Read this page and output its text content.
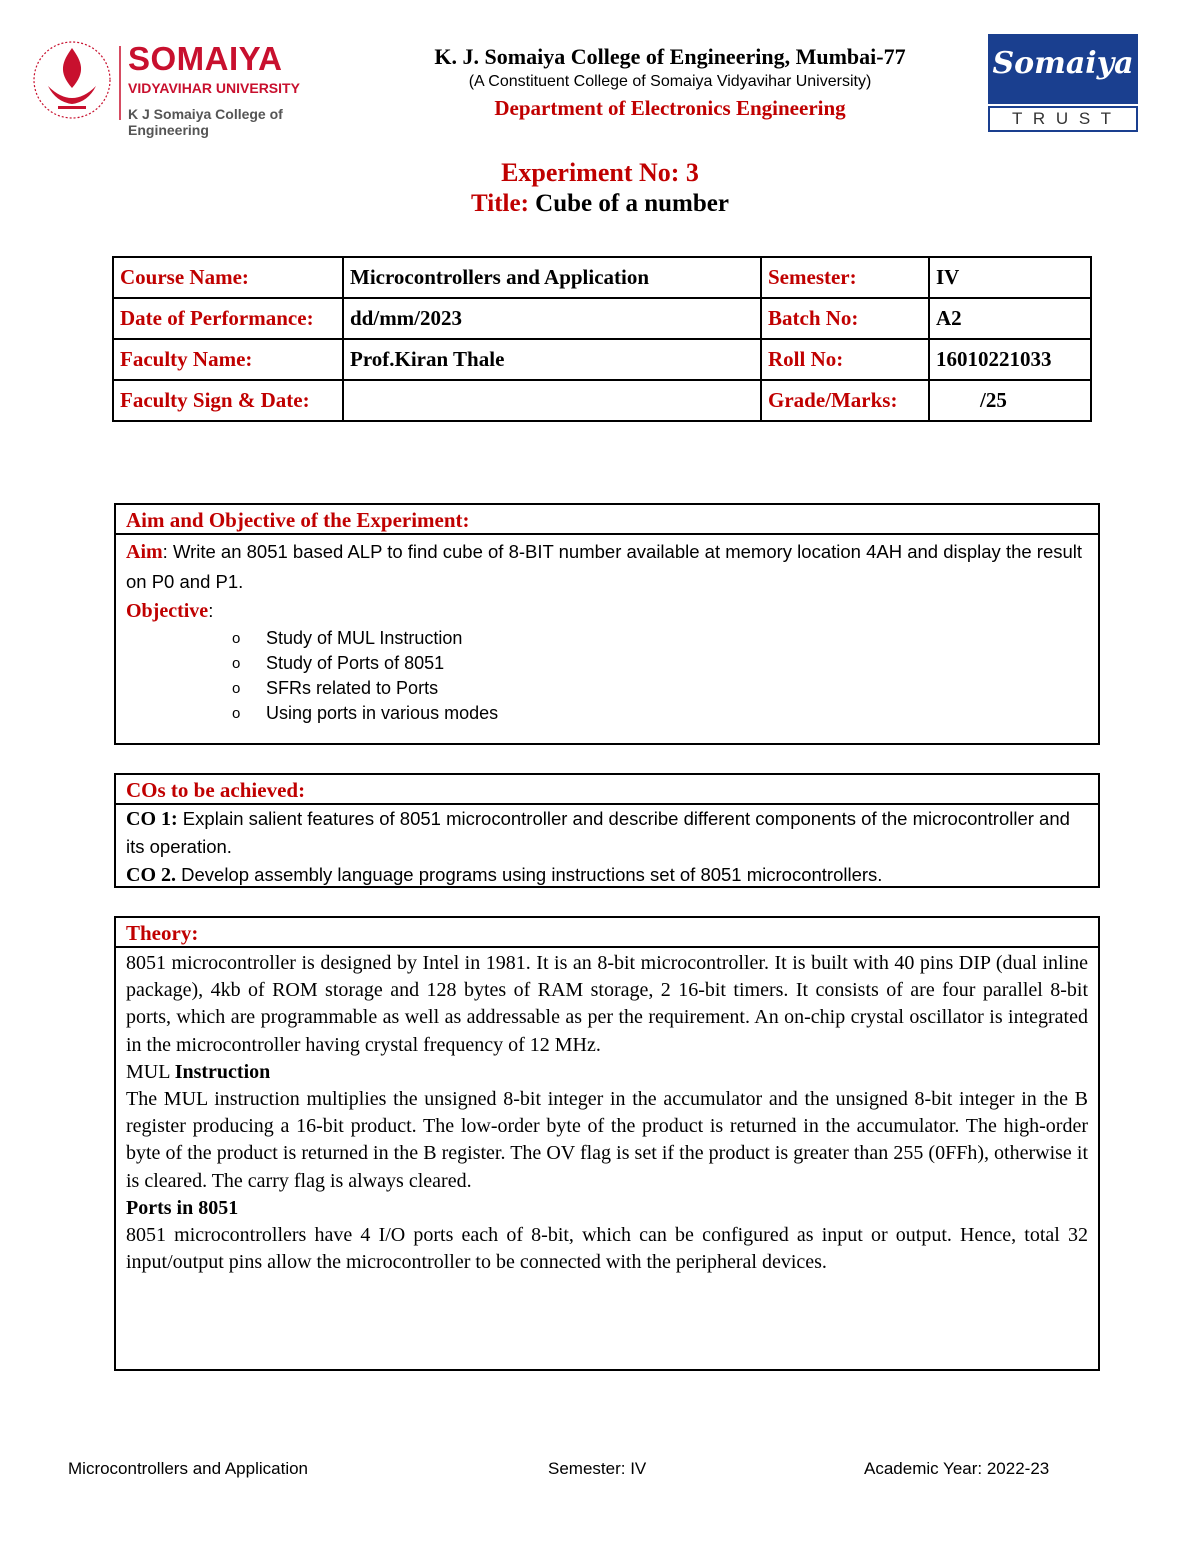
SOMAIYA
VIDYAVIHAR UNIVERSITY
K J Somaiya College of Engineering
K. J. Somaiya College of Engineering, Mumbai-77
(A Constituent College of Somaiya Vidyavihar University)
Department of Electronics Engineering
Somaiya
T R U S T
Experiment No: 3
Title: Cube of a number
Course Name:	Microcontrollers and Application	Semester:	IV
Date of Performance:	dd/mm/2023	Batch No:	A2
Faculty Name:	Prof.Kiran Thale	Roll No:	16010221033
Faculty Sign & Date:		Grade/Marks:	/25
Aim and Objective of the Experiment:
Aim: Write an 8051 based ALP to find cube of 8-BIT number available at memory location 4AH and display the result on P0 and P1.
Objective:
o Study of MUL Instruction
o Study of Ports of 8051
o SFRs related to Ports
o Using ports in various modes
COs to be achieved:
CO 1: Explain salient features of 8051 microcontroller and describe different components of the microcontroller and its operation.
CO 2. Develop assembly language programs using instructions set of 8051 microcontrollers.
Theory:
8051 microcontroller is designed by Intel in 1981. It is an 8-bit microcontroller. It is built with 40 pins DIP (dual inline package), 4kb of ROM storage and 128 bytes of RAM storage, 2 16-bit timers. It consists of are four parallel 8-bit ports, which are programmable as well as addressable as per the requirement. An on-chip crystal oscillator is integrated in the microcontroller having crystal frequency of 12 MHz.
MUL Instruction
The MUL instruction multiplies the unsigned 8-bit integer in the accumulator and the unsigned 8-bit integer in the B register producing a 16-bit product. The low-order byte of the product is returned in the accumulator. The high-order byte of the product is returned in the B register. The OV flag is set if the product is greater than 255 (0FFh), otherwise it is cleared. The carry flag is always cleared.
Ports in 8051
8051 microcontrollers have 4 I/O ports each of 8-bit, which can be configured as input or output. Hence, total 32 input/output pins allow the microcontroller to be connected with the peripheral devices.
Microcontrollers and Application	Semester: IV	Academic Year: 2022-23
